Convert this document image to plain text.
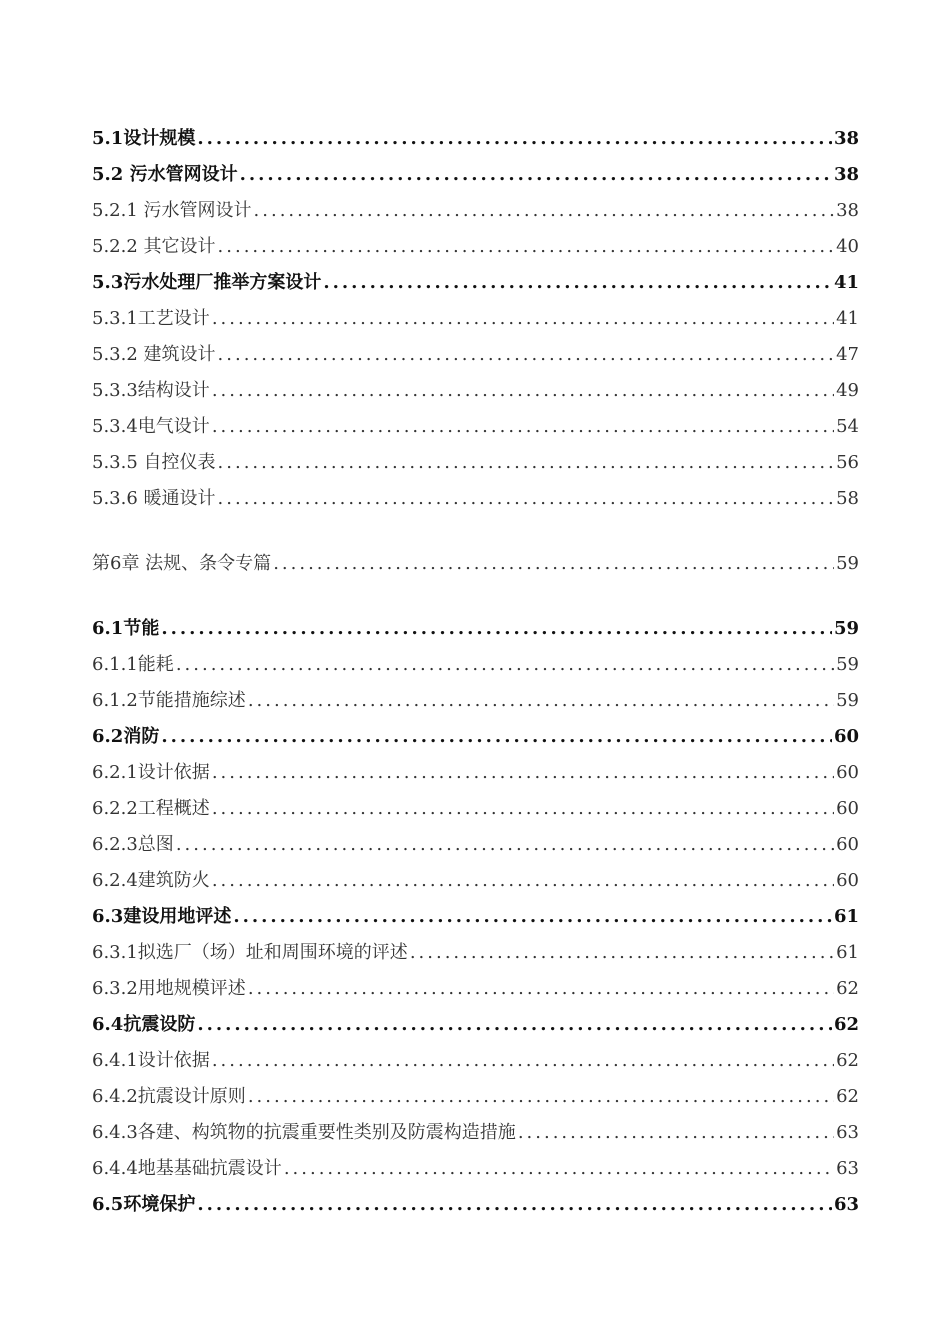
5.1设计规模 .....	38
5.2 污水管网设计 .....	38
5.2.1 污水管网设计 .....	38
5.2.2 其它设计 .....	40
5.3污水处理厂推举方案设计 .....	41
5.3.1工艺设计 .....	41
5.3.2 建筑设计 .....	47
5.3.3结构设计 .....	49
5.3.4电气设计 .....	54
5.3.5 自控仪表 .....	56
5.3.6 暖通设计 .....	58
第6章 法规、条令专篇 .....	59
6.1节能 .....	59
6.1.1能耗 .....	59
6.1.2节能措施综述 .....	59
6.2消防 .....	60
6.2.1设计依据 .....	60
6.2.2工程概述 .....	60
6.2.3总图 .....	60
6.2.4建筑防火 .....	60
6.3建设用地评述 .....	61
6.3.1拟选厂（场）址和周围环境的评述 .....	61
6.3.2用地规模评述 .....	62
6.4抗震设防 .....	62
6.4.1设计依据 .....	62
6.4.2抗震设计原则 .....	62
6.4.3各建、构筑物的抗震重要性类别及防震构造措施 .....	63
6.4.4地基基础抗震设计 .....	63
6.5环境保护 .....	63
